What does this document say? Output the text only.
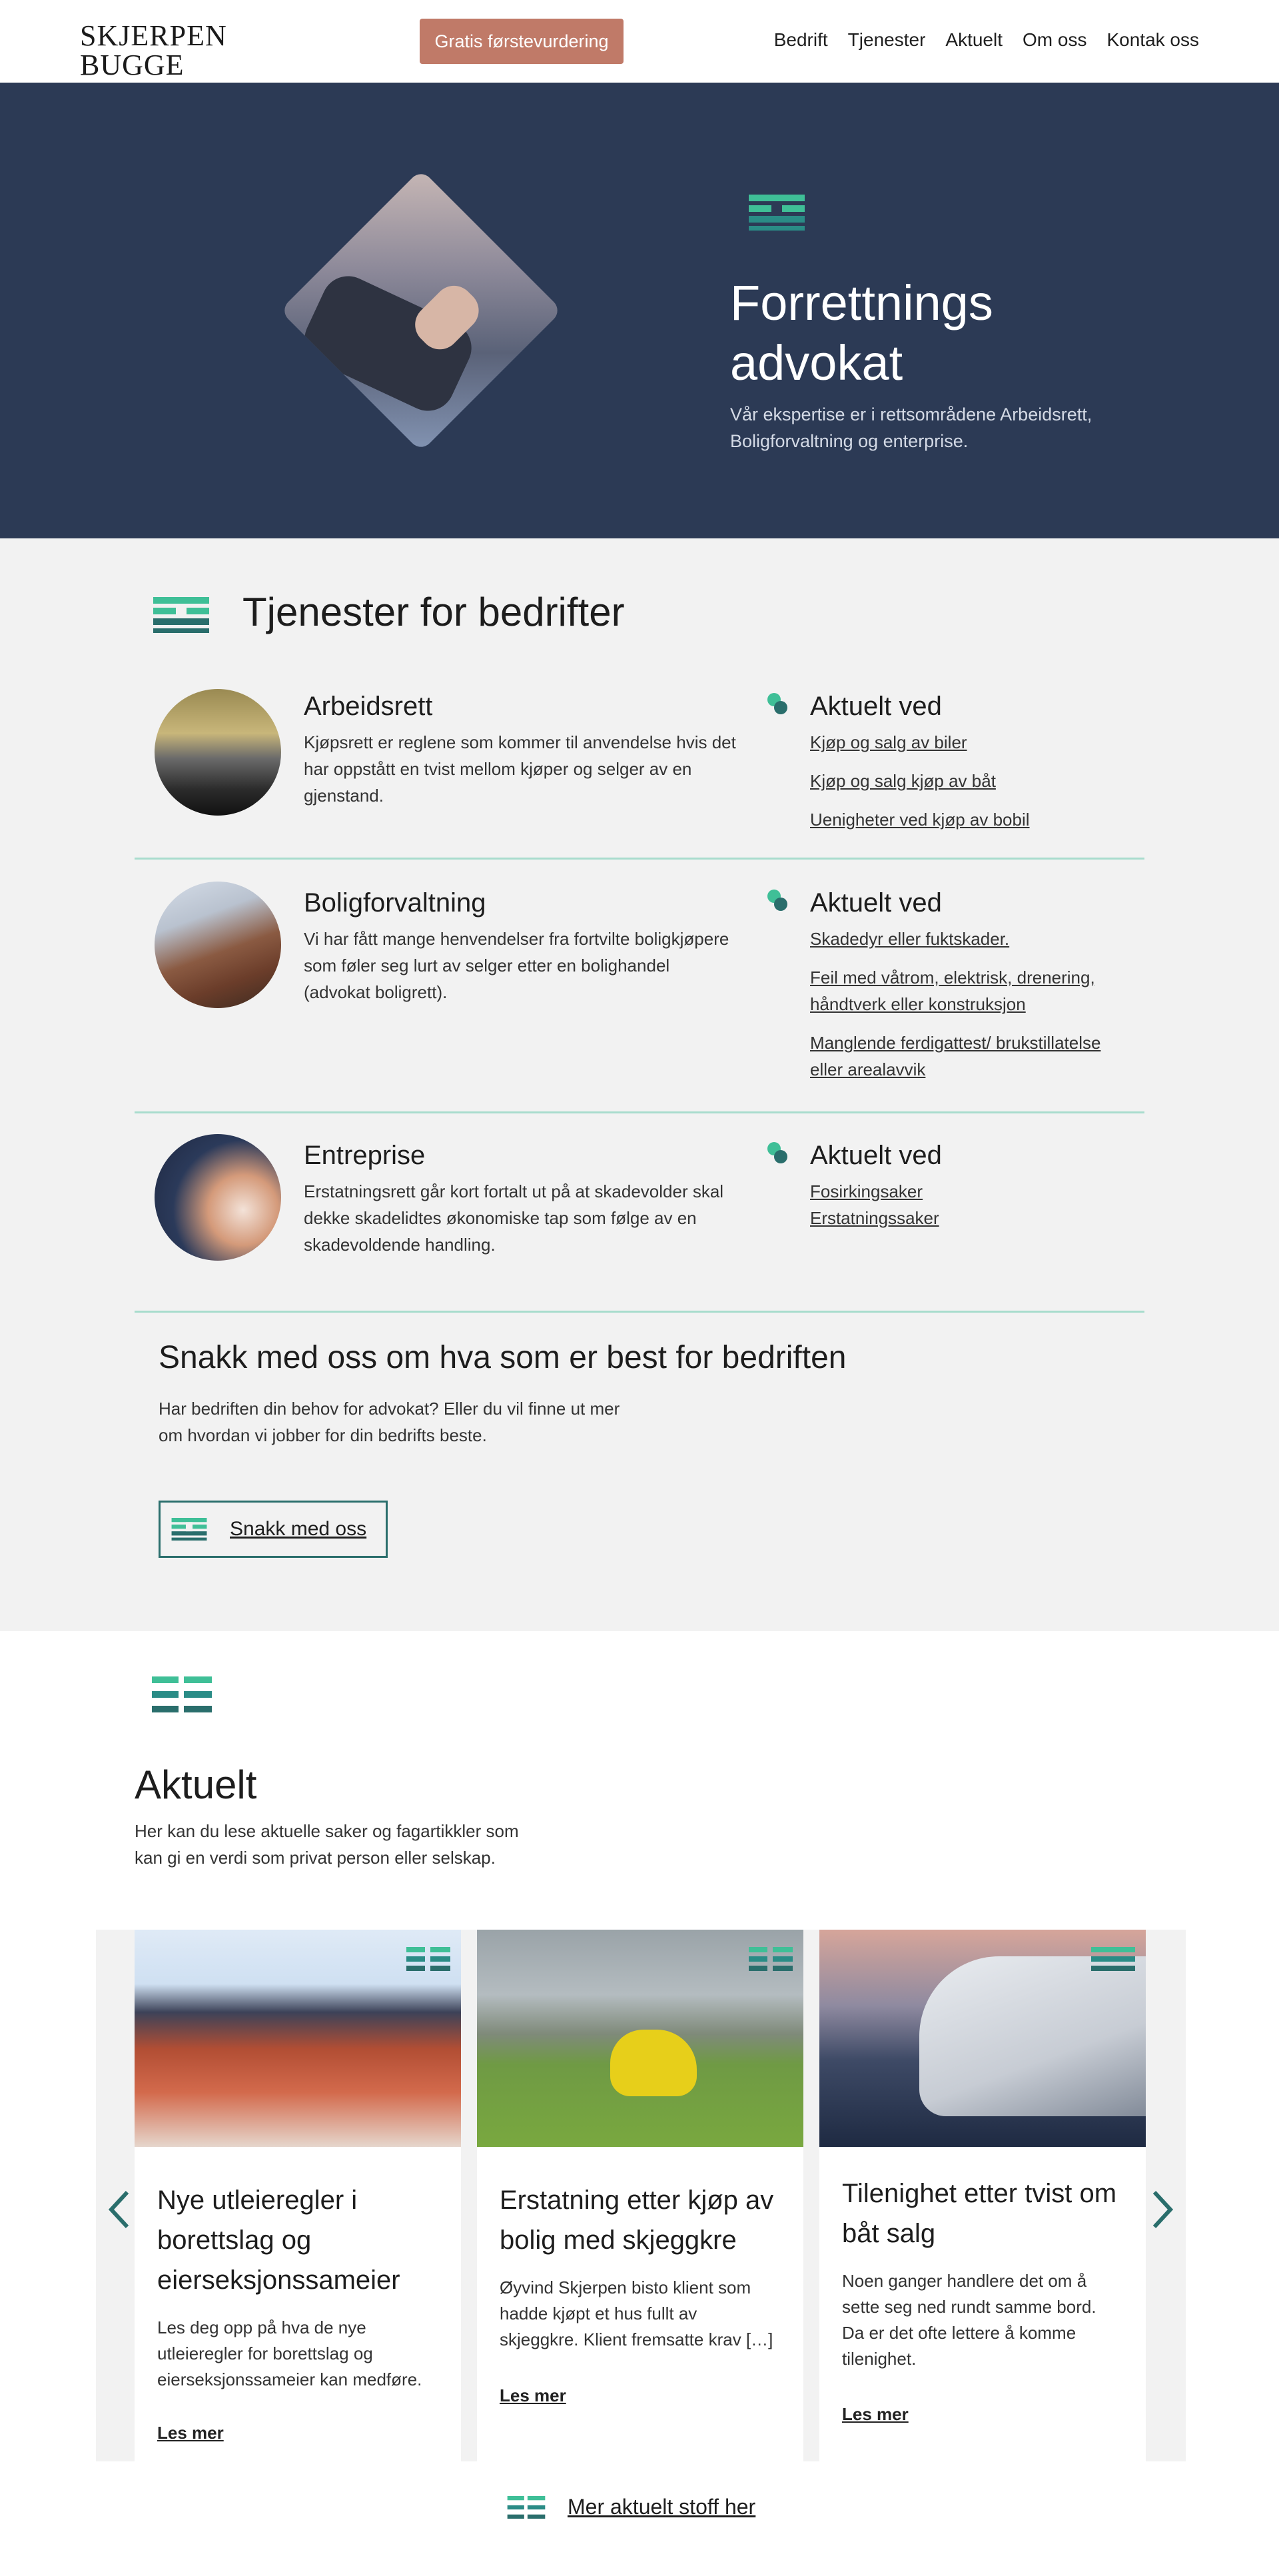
SKJERPEN BUGGE
Gratis førstevurdering	Bedrift Tjenester Aktuelt Om oss Kontak oss
Forrettnings
advokat

Vår ekspertise er i rettsområdene Arbeidsrett, Boligforvaltning og enterprise.

Tjenester for bedrifter
Arbeidsrett

Kjøpsrett er reglene som kommer til anvendelse hvis det har oppstått en tvist mellom kjøper og selger av en gjenstand.

Aktuelt ved
Kjøp og salg av biler
Kjøp og salg kjøp av båt
Uenigheter ved kjøp av bobil
Boligforvaltning

Vi har fått mange henvendelser fra fortvilte boligkjøpere som føler seg lurt av selger etter en bolighandel (advokat boligrett).

Aktuelt ved
Skadedyr eller fuktskader.
Feil med våtrom, elektrisk, drenering, håndtverk eller konstruksjon
Manglende ferdigattest/ brukstillatelse eller arealavvik
Entreprise

Erstatningsrett går kort fortalt ut på at skadevolder skal dekke skadelidtes økonomiske tap som følge av en skadevoldende handling.

Aktuelt ved
Fosirkingsaker
Erstatningssaker
Snakk med oss om hva som er best for bedriften

Har bedriften din behov for advokat? Eller du vil finne ut mer om hvordan vi jobber for din bedrifts beste.

Snakk med oss
Aktuelt

Her kan du lese aktuelle saker og fagartikkler som kan gi en verdi som privat person eller selskap.

Nye utleieregler i borettslag og eierseksjonssameier

Les deg opp på hva de nye utleieregler for borettslag og eierseksjonssameier kan medføre.

Les mer
Erstatning etter kjøp av bolig med skjeggkre

Øyvind Skjerpen bisto klient som hadde kjøpt et hus fullt av skjeggkre. Klient fremsatte krav […]

Les mer
Tilenighet etter tvist om båt salg

Noen ganger handlere det om å sette seg ned rundt samme bord. Da er det ofte lettere å komme tilenighet.

Les mer
Mer aktuelt stoff her
